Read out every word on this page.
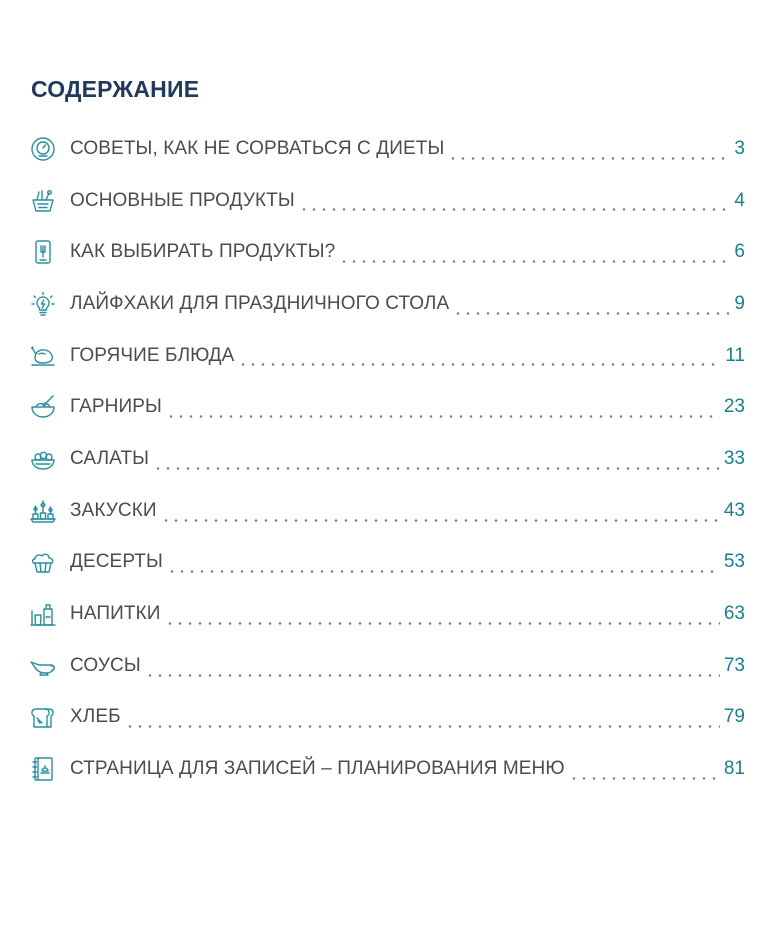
СОДЕРЖАНИЕ
СОВЕТЫ, КАК НЕ СОРВАТЬСЯ С ДИЕТЫ	3
ОСНОВНЫЕ ПРОДУКТЫ	4
КАК ВЫБИРАТЬ ПРОДУКТЫ?	6
ЛАЙФХАКИ ДЛЯ ПРАЗДНИЧНОГО СТОЛА	9
ГОРЯЧИЕ БЛЮДА	11
ГАРНИРЫ	23
САЛАТЫ	33
ЗАКУСКИ	43
ДЕСЕРТЫ	53
НАПИТКИ	63
СОУСЫ	73
ХЛЕБ	79
СТРАНИЦА ДЛЯ ЗАПИСЕЙ – ПЛАНИРОВАНИЯ МЕНЮ	81
